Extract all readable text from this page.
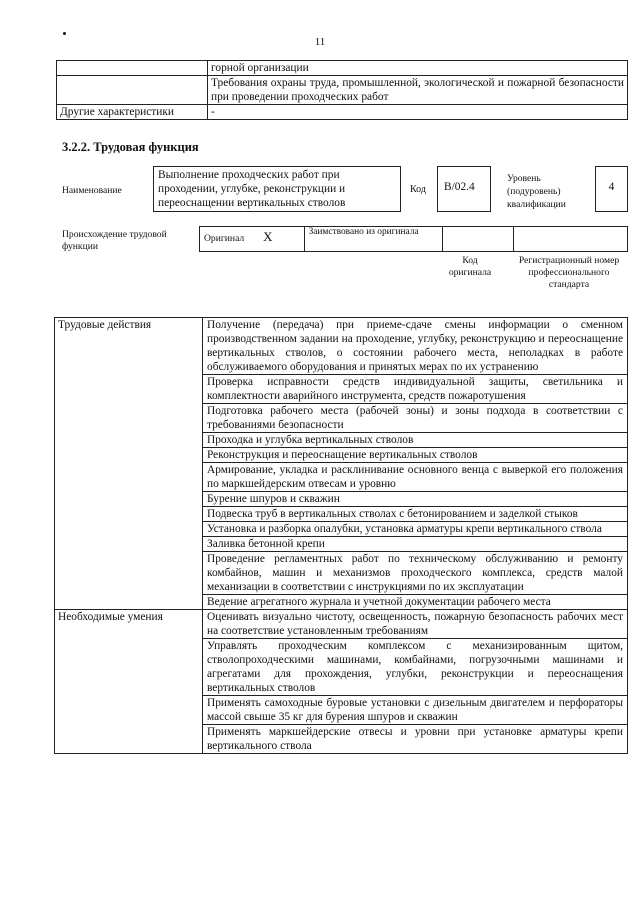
11
	горной организации
	Требования охраны труда, промышленной, экологической и пожарной безопасности при проведении проходческих работ
Другие характеристики	-
3.2.2. Трудовая функция
Наименование
Выполнение проходческих работ при проходении, углубке, реконструкции и переоснащении вертикальных стволов
Код	B/02.4
Уровень (подуровень) квалификации
4
Происхождение трудовой функции
Оригинал X	Заимствовано из оригинала		
Код оригинала
Регистрационный номер профессионального стандарта
Трудовые действия	Получение (передача) при приеме-сдаче смены информации о сменном производственном задании на проходение, углубку, реконструкцию и переоснащение вертикальных стволов, о состоянии рабочего места, неполадках в работе обслуживаемого оборудования и принятых мерах по их устранению
	Проверка исправности средств индивидуальной защиты, светильника и комплектности аварийного инструмента, средств пожаротушения
	Подготовка рабочего места (рабочей зоны) и зоны подхода в соответствии с требованиями безопасности
	Проходка и углубка вертикальных стволов
	Реконструкция и переоснащение вертикальных стволов
	Армирование, укладка и расклинивание основного венца с выверкой его положения по маркшейдерским отвесам и уровню
	Бурение шпуров и скважин
	Подвеска труб в вертикальных стволах с бетонированием и заделкой стыков
	Установка и разборка опалубки, установка арматуры крепи вертикального ствола
	Заливка бетонной крепи
	Проведение регламентных работ по техническому обслуживанию и ремонту комбайнов, машин и механизмов проходческого комплекса, средств малой механизации в соответствии с инструкциями по их эксплуатации
	Ведение агрегатного журнала и учетной документации рабочего места
Необходимые умения	Оценивать визуально чистоту, освещенность, пожарную безопасность рабочих мест на соответствие установленным требованиям
	Управлять проходческим комплексом с механизированным щитом, стволопроходческими машинами, комбайнами, погрузочными машинами и агрегатами для прохождения, углубки, реконструкции и переоснащения вертикальных стволов
	Применять самоходные буровые установки с дизельным двигателем и перфораторы массой свыше 35 кг для бурения шпуров и скважин
	Применять маркшейдерские отвесы и уровни при установке арматуры крепи вертикального ствола
